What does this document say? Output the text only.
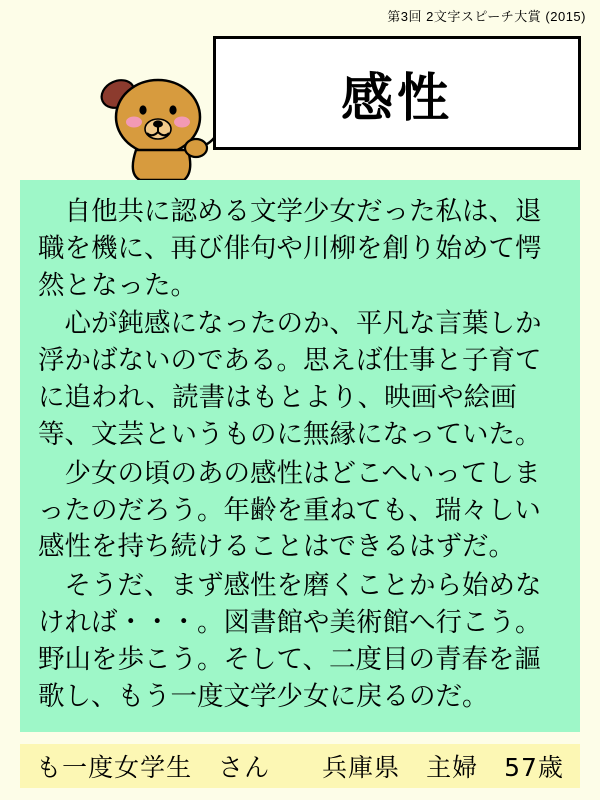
第3回 2文字スピーチ大賞 (2015)
感性

自他共に認める文学少女だった私は、退職を機に、再び俳句や川柳を創り始めて愕然となった。

心が鈍感になったのか、平凡な言葉しか浮かばないのである。思えば仕事と子育てに追われ、読書はもとより、映画や絵画等、文芸というものに無縁になっていた。

少女の頃のあの感性はどこへいってしまったのだろう。年齢を重ねても、瑞々しい感性を持ち続けることはできるはずだ。

そうだ、まず感性を磨くことから始めなければ・・・。図書館や美術館へ行こう。野山を歩こう。そして、二度目の青春を謳歌し、もう一度文学少女に戻るのだ。

も一度女学生　さん　　兵庫県　主婦　57歳
